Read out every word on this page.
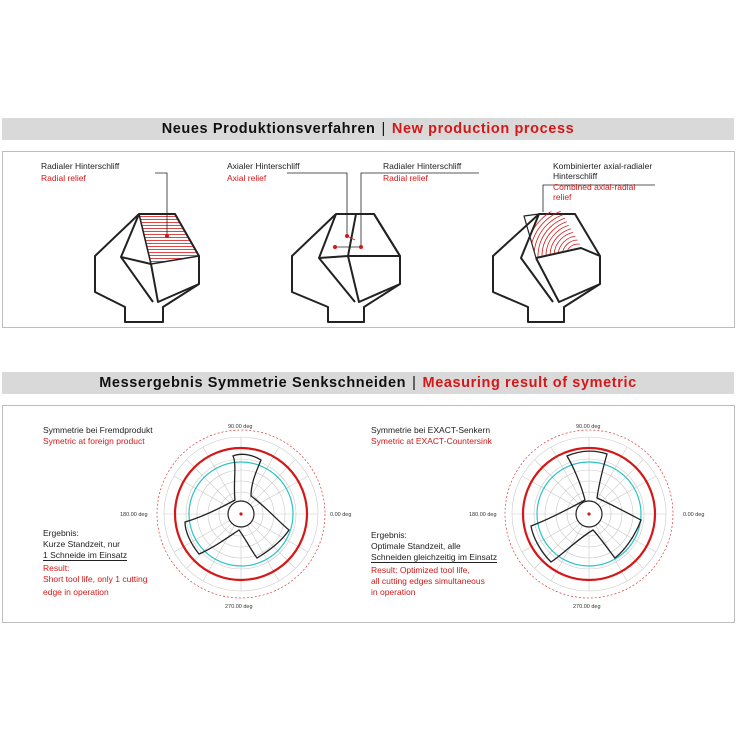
Neues Produktionsverfahren | New production process
Messergebnis Symmetrie Senkschneiden | Measuring result of symetric
Radialer Hinterschliff
Radial relief
Axialer Hinterschliff
Axial relief
Radialer Hinterschliff
Radial relief
Kombinierter axial-radialer
Hinterschliff
Combined axial-radial
relief
Symmetrie bei Fremdprodukt
Symetric at foreign product
Ergebnis:
Kurze Standzeit, nur
1 Schneide im Einsatz
Result:
Short tool life, only 1 cutting
edge in operation
90.00 deg
180.00 deg	0.00 deg
270.00 deg
Symmetrie bei EXACT-Senkern
Symetric at EXACT-Countersink
Ergebnis:
Optimale Standzeit, alle
Schneiden gleichzeitig im Einsatz
Result: Optimized tool life,
all cutting edges simultaneous
in operation
90.00 deg
180.00 deg	0.00 deg
270.00 deg
